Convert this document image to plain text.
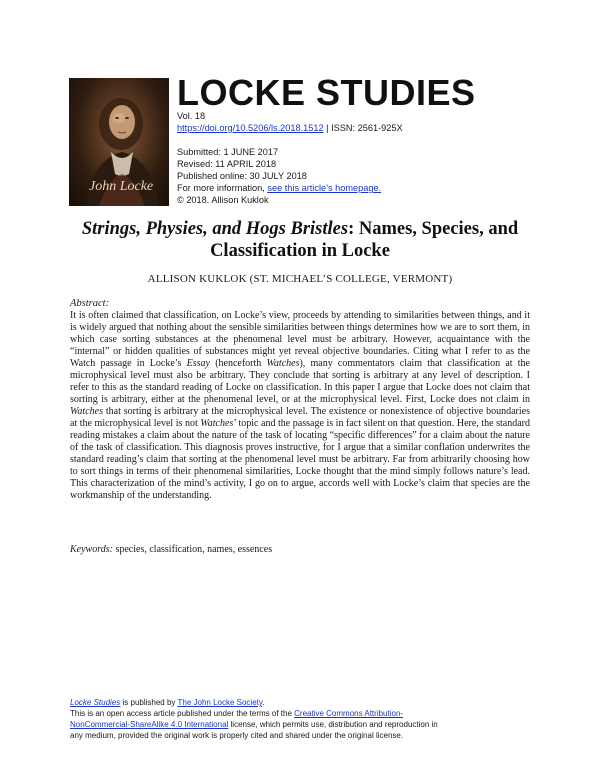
John Locke
LOCKE STUDIES
Vol. 18
https://doi.org/10.5206/ls.2018.1512 | ISSN: 2561-925X
Submitted: 1 JUNE 2017
Revised: 11 APRIL 2018
Published online: 30 JULY 2018
For more information, see this article’s homepage.
© 2018. Allison Kuklok
Strings, Physies, and Hogs Bristles: Names, Species, and Classification in Locke
ALLISON KUKLOK (ST. MICHAEL’S COLLEGE, VERMONT)
Abstract:

It is often claimed that classification, on Locke’s view, proceeds by attending to similarities between things, and it is widely argued that nothing about the sensible similarities between things determines how we are to sort them, in which case sorting substances at the phenomenal level must be arbitrary. However, acquaintance with the “internal” or hidden qualities of substances might yet reveal objective boundaries. Citing what I refer to as the Watch passage in Locke’s Essay (henceforth Watches), many commentators claim that classification at the microphysical level must also be arbitrary. They conclude that sorting is arbitrary at any level of description. I refer to this as the standard reading of Locke on classification. In this paper I argue that Locke does not claim that sorting is arbitrary, either at the phenomenal level, or at the microphysical level. First, Locke does not claim in Watches that sorting is arbitrary at the microphysical level. The existence or nonexistence of objective boundaries at the microphysical level is not Watches’ topic and the passage is in fact silent on that question. Here, the standard reading mistakes a claim about the nature of the task of locating “specific differences” for a claim about the nature of the task of classification. This diagnosis proves instructive, for I argue that a similar conflation underwrites the standard reading’s claim that sorting at the phenomenal level must be arbitrary. Far from arbitrarily choosing how to sort things in terms of their phenomenal similarities, Locke thought that the mind simply follows nature’s lead. This characterization of the mind’s activity, I go on to argue, accords well with Locke’s claim that species are the workmanship of the understanding.

Keywords: species, classification, names, essences
Locke Studies is published by The John Locke Society.
This is an open access article published under the terms of the Creative Commons Attribution-
NonCommercial-ShareAlike 4.0 International license, which permits use, distribution and reproduction in
any medium, provided the original work is properly cited and shared under the original license.
